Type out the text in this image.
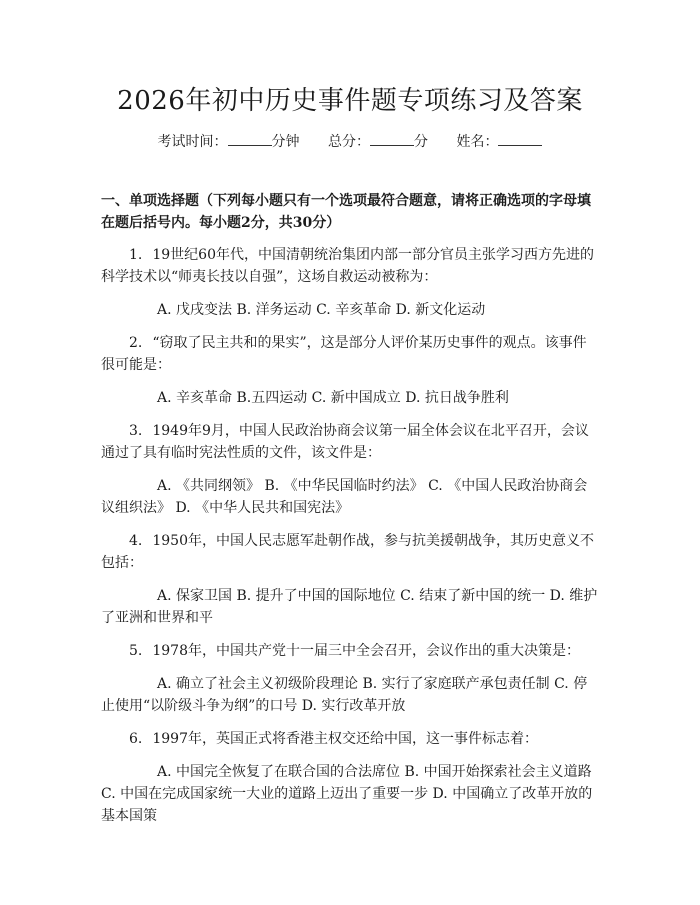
2026年初中历史事件题专项练习及答案
考试时间：	分钟 总分：	分 姓名：
一、单项选择题（下列每小题只有一个选项最符合题意，请将正确选项的字母填在题后括号内。每小题2分，共30分）

1. 19世纪60年代，中国清朝统治集团内部一部分官员主张学习西方先进的科学技术以“师夷长技以自强”，这场自救运动被称为：

A. 戊戌变法 B. 洋务运动 C. 辛亥革命 D. 新文化运动

2. “窃取了民主共和的果实”，这是部分人评价某历史事件的观点。该事件很可能是：

A. 辛亥革命 B.五四运动 C. 新中国成立 D. 抗日战争胜利

3. 1949年9月，中国人民政治协商会议第一届全体会议在北平召开，会议通过了具有临时宪法性质的文件，该文件是：

A. 《共同纲领》 B. 《中华民国临时约法》 C. 《中国人民政治协商会议组织法》 D. 《中华人民共和国宪法》

4. 1950年，中国人民志愿军赴朝作战，参与抗美援朝战争，其历史意义不包括：

A. 保家卫国 B. 提升了中国的国际地位 C. 结束了新中国的统一 D. 维护了亚洲和世界和平

5. 1978年，中国共产党十一届三中全会召开，会议作出的重大决策是：

A. 确立了社会主义初级阶段理论 B. 实行了家庭联产承包责任制 C. 停止使用“以阶级斗争为纲”的口号 D. 实行改革开放

6. 1997年，英国正式将香港主权交还给中国，这一事件标志着：

A. 中国完全恢复了在联合国的合法席位 B. 中国开始探索社会主义道路 C. 中国在完成国家统一大业的道路上迈出了重要一步 D. 中国确立了改革开放的基本国策
